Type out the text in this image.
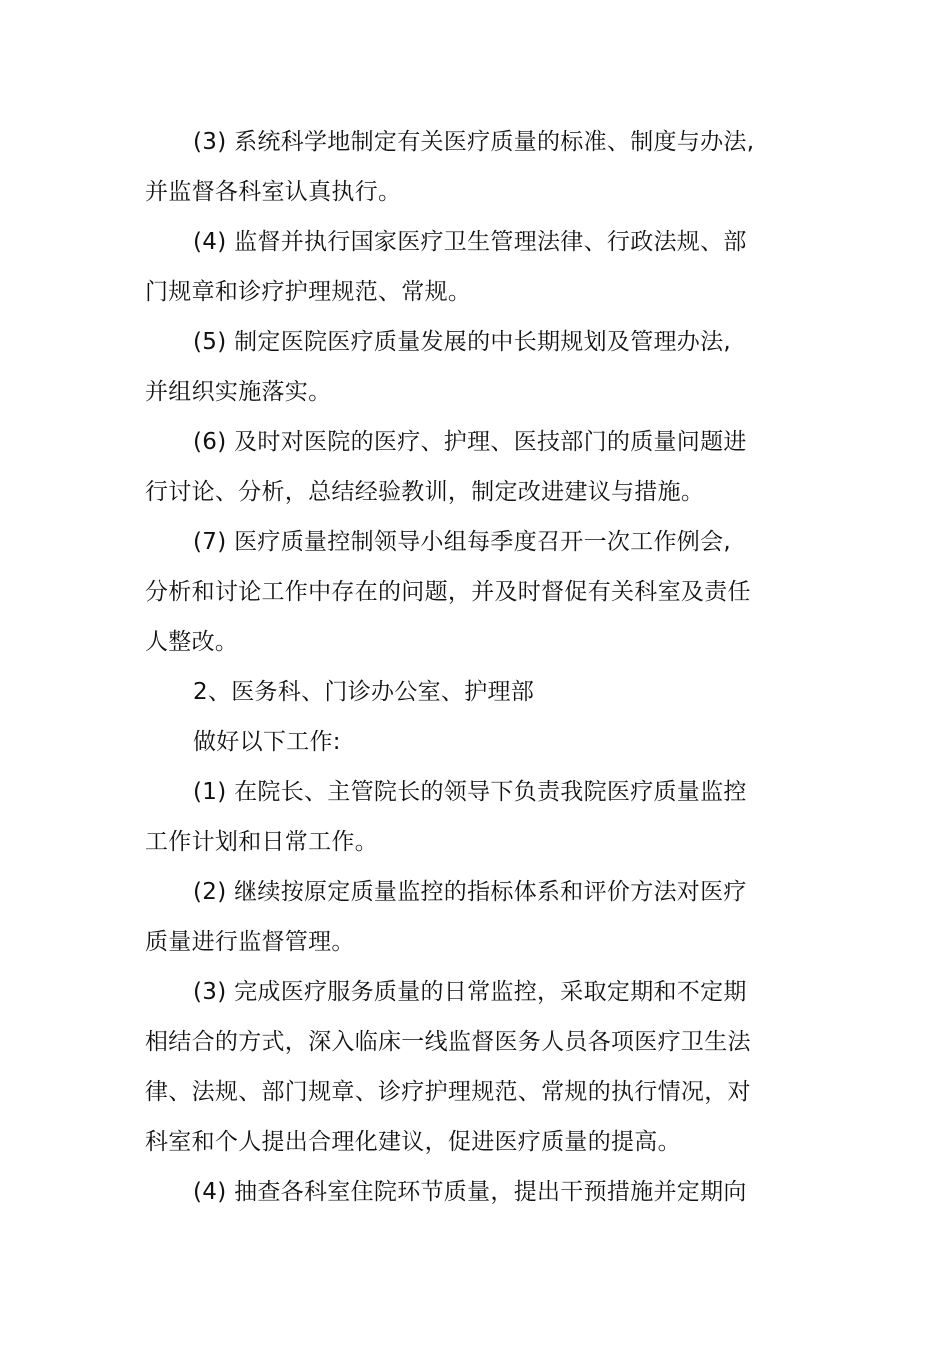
(3) 系统科学地制定有关医疗质量的标准、制度与办法,
并监督各科室认真执行。
(4) 监督并执行国家医疗卫生管理法律、行政法规、部
门规章和诊疗护理规范、常规。
(5) 制定医院医疗质量发展的中长期规划及管理办法,
并组织实施落实。
(6) 及时对医院的医疗、护理、医技部门的质量问题进
行讨论、分析，总结经验教训，制定改进建议与措施。
(7) 医疗质量控制领导小组每季度召开一次工作例会,
分析和讨论工作中存在的问题，并及时督促有关科室及责任
人整改。
2、医务科、门诊办公室、护理部
做好以下工作:
(1) 在院长、主管院长的领导下负责我院医疗质量监控
工作计划和日常工作。
(2) 继续按原定质量监控的指标体系和评价方法对医疗
质量进行监督管理。
(3) 完成医疗服务质量的日常监控，采取定期和不定期
相结合的方式，深入临床一线监督医务人员各项医疗卫生法
律、法规、部门规章、诊疗护理规范、常规的执行情况，对
科室和个人提出合理化建议，促进医疗质量的提高。
(4) 抽查各科室住院环节质量，提出干预措施并定期向
